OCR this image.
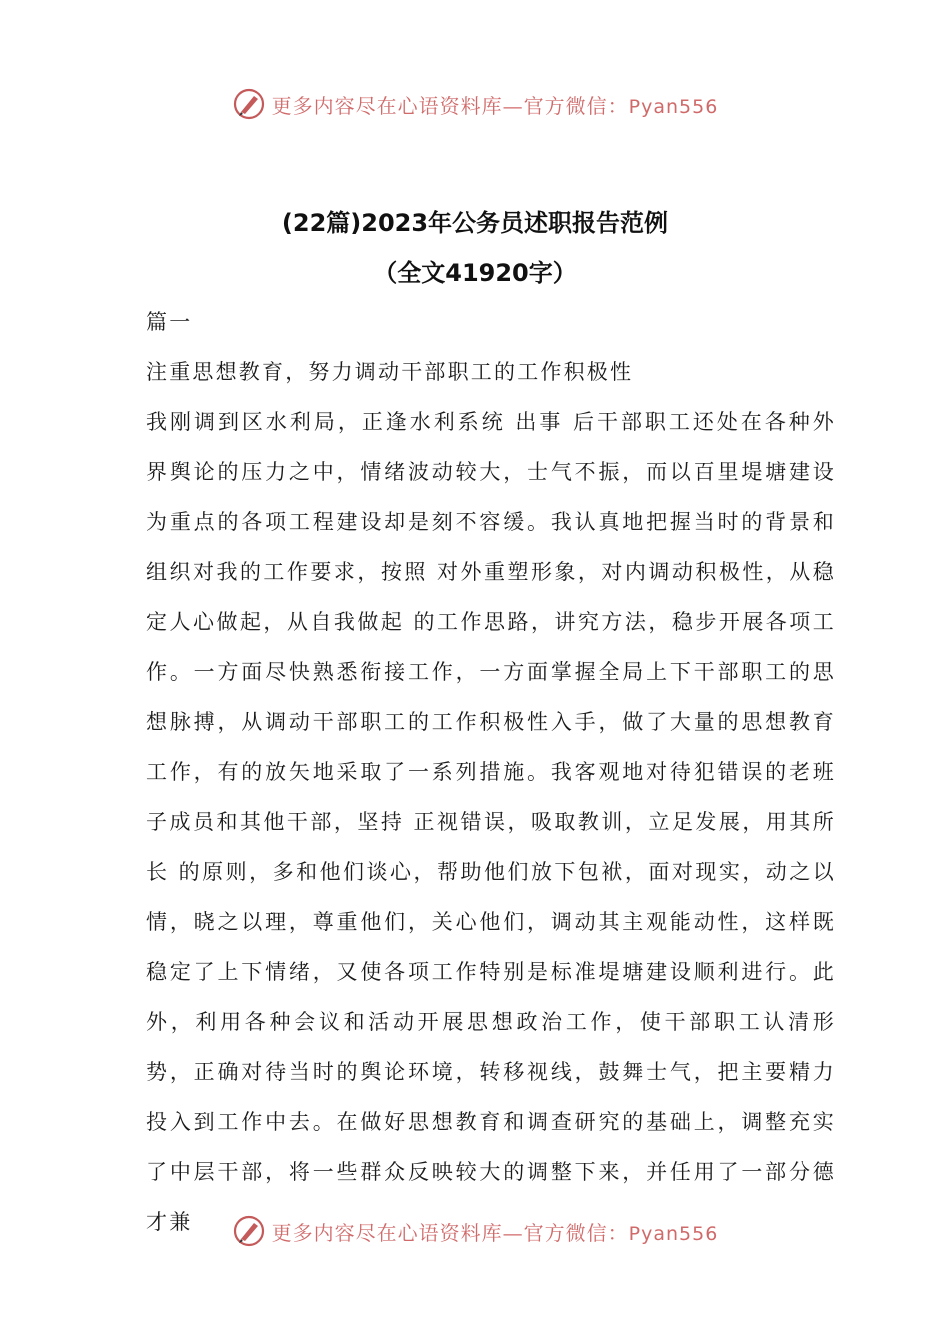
更多内容尽在心语资料库—官方微信：Pyan556
(22篇)2023年公务员述职报告范例
（全文41920字）
篇一
注重思想教育，努力调动干部职工的工作积极性
我刚调到区水利局，正逢水利系统 出事 后干部职工还处在各种外界舆论的压力之中，情绪波动较大，士气不振，而以百里堤塘建设为重点的各项工程建设却是刻不容缓。我认真地把握当时的背景和组织对我的工作要求，按照 对外重塑形象，对内调动积极性，从稳定人心做起，从自我做起 的工作思路，讲究方法，稳步开展各项工作。一方面尽快熟悉衔接工作，一方面掌握全局上下干部职工的思想脉搏，从调动干部职工的工作积极性入手，做了大量的思想教育工作，有的放矢地采取了一系列措施。我客观地对待犯错误的老班子成员和其他干部，坚持 正视错误，吸取教训，立足发展，用其所长 的原则，多和他们谈心，帮助他们放下包袱，面对现实，动之以情，晓之以理，尊重他们，关心他们，调动其主观能动性，这样既稳定了上下情绪，又使各项工作特别是标准堤塘建设顺利进行。此外，利用各种会议和活动开展思想政治工作，使干部职工认清形势，正确对待当时的舆论环境，转移视线，鼓舞士气，把主要精力投入到工作中去。在做好思想教育和调查研究的基础上，调整充实了中层干部，将一些群众反映较大的调整下来，并任用了一部分德才兼	更多内容尽在心语资料库—官方微信：Pyan556
